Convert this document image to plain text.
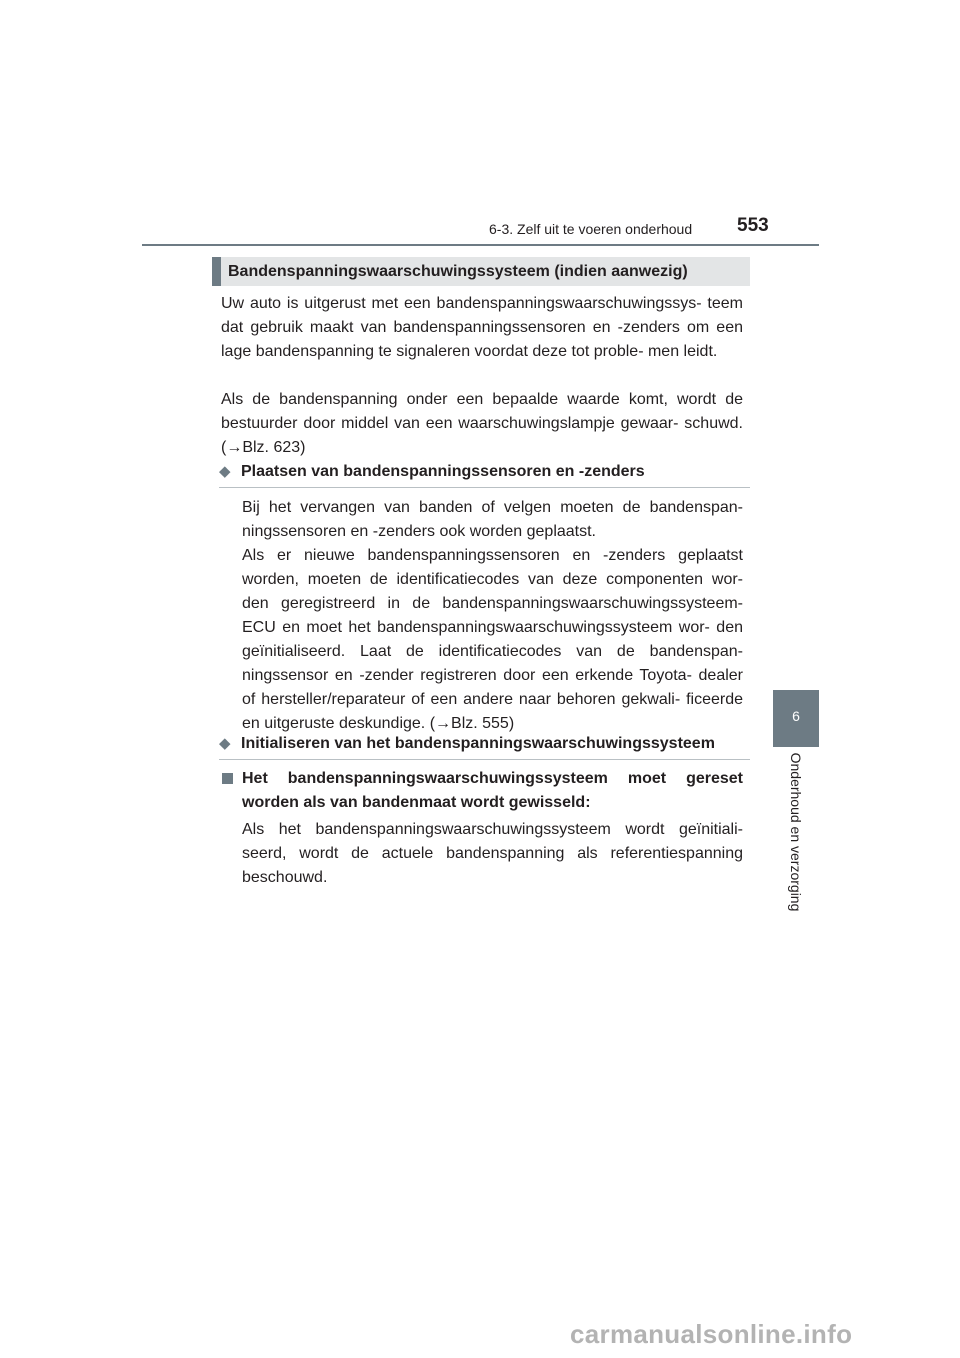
6-3. Zelf uit te voeren onderhoud 553
6
Onderhoud en verzorging
Bandenspanningswaarschuwingssysteem (indien aanwezig)

Uw auto is uitgerust met een bandenspanningswaarschuwingssys- teem dat gebruik maakt van bandenspanningssensoren en -zenders om een lage bandenspanning te signaleren voordat deze tot proble- men leidt.

Als de bandenspanning onder een bepaalde waarde komt, wordt de bestuurder door middel van een waarschuwingslampje gewaar- schuwd. (→Blz. 623)

◆ Plaatsen van bandenspanningssensoren en -zenders

Bij het vervangen van banden of velgen moeten de bandenspan- ningssensoren en -zenders ook worden geplaatst.

Als er nieuwe bandenspanningssensoren en -zenders geplaatst worden, moeten de identificatiecodes van deze componenten wor- den geregistreerd in de bandenspanningswaarschuwingssysteem- ECU en moet het bandenspanningswaarschuwingssysteem wor- den geïnitialiseerd. Laat de identificatiecodes van de bandenspan- ningssensor en -zender registreren door een erkende Toyota- dealer of hersteller/reparateur of een andere naar behoren gekwali- ficeerde en uitgeruste deskundige. (→Blz. 555)

◆ Initialiseren van het bandenspanningswaarschuwingssysteem
Het bandenspanningswaarschuwingssysteem moet gereset worden als van bandenmaat wordt gewisseld:

Als het bandenspanningswaarschuwingssysteem wordt geïnitiali- seerd, wordt de actuele bandenspanning als referentiespanning beschouwd.

carmanualsonline.info
